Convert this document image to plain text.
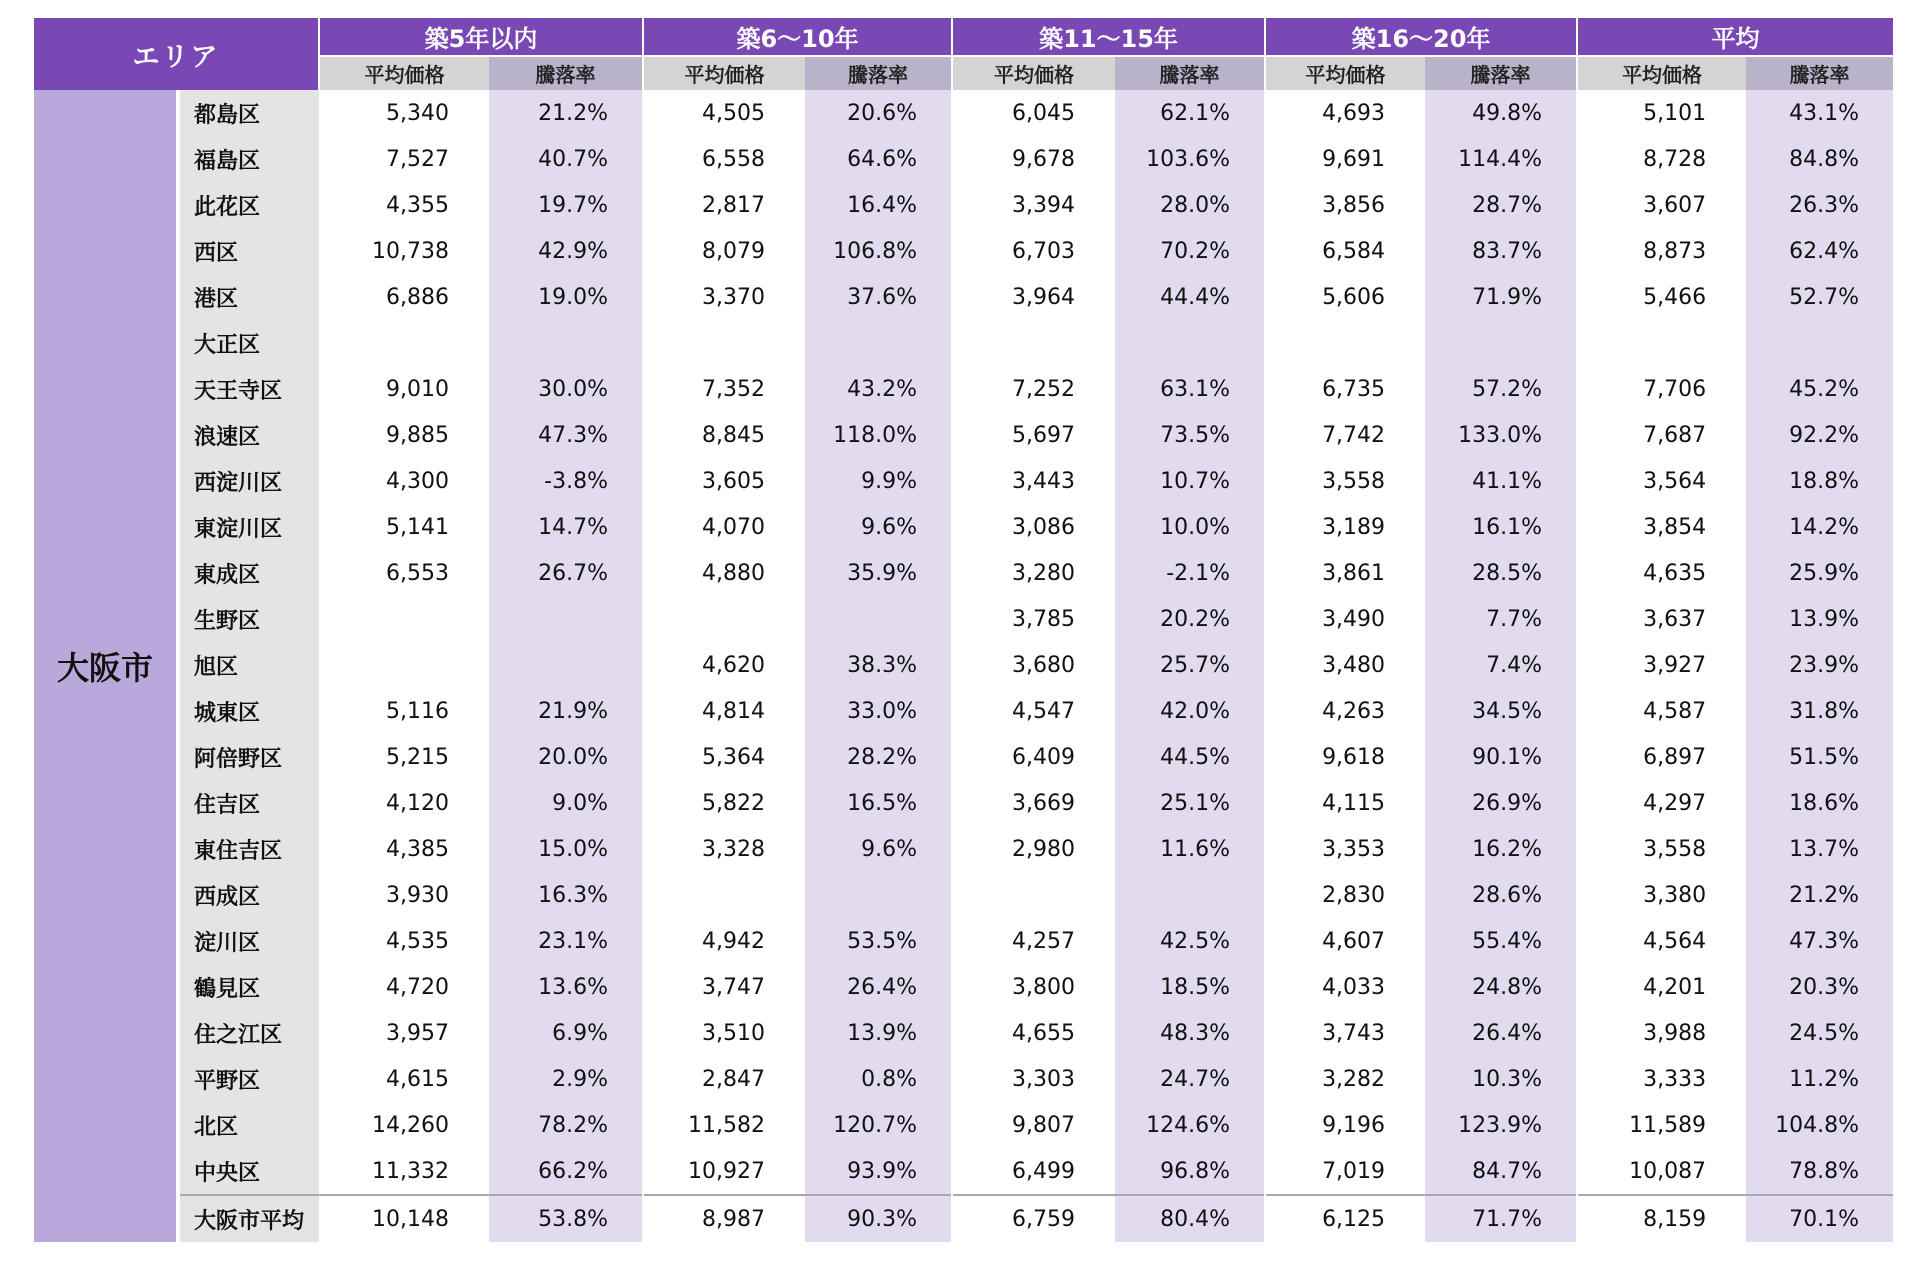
エリア		築5年以内		築6～10年		築11～15年		築16～20年		平均	
		平均価格	騰落率	平均価格	騰落率	平均価格	騰落率	平均価格	騰落率	平均価格	騰落率
大阪市	都島区	5,340	21.2%	4,505	20.6%	6,045	62.1%	4,693	49.8%	5,101	43.1%
	福島区	7,527	40.7%	6,558	64.6%	9,678	103.6%	9,691	114.4%	8,728	84.8%
	此花区	4,355	19.7%	2,817	16.4%	3,394	28.0%	3,856	28.7%	3,607	26.3%
	西区	10,738	42.9%	8,079	106.8%	6,703	70.2%	6,584	83.7%	8,873	62.4%
	港区	6,886	19.0%	3,370	37.6%	3,964	44.4%	5,606	71.9%	5,466	52.7%
	大正区										
	天王寺区	9,010	30.0%	7,352	43.2%	7,252	63.1%	6,735	57.2%	7,706	45.2%
	浪速区	9,885	47.3%	8,845	118.0%	5,697	73.5%	7,742	133.0%	7,687	92.2%
	西淀川区	4,300	-3.8%	3,605	9.9%	3,443	10.7%	3,558	41.1%	3,564	18.8%
	東淀川区	5,141	14.7%	4,070	9.6%	3,086	10.0%	3,189	16.1%	3,854	14.2%
	東成区	6,553	26.7%	4,880	35.9%	3,280	-2.1%	3,861	28.5%	4,635	25.9%
	生野区					3,785	20.2%	3,490	7.7%	3,637	13.9%
	旭区			4,620	38.3%	3,680	25.7%	3,480	7.4%	3,927	23.9%
	城東区	5,116	21.9%	4,814	33.0%	4,547	42.0%	4,263	34.5%	4,587	31.8%
	阿倍野区	5,215	20.0%	5,364	28.2%	6,409	44.5%	9,618	90.1%	6,897	51.5%
	住吉区	4,120	9.0%	5,822	16.5%	3,669	25.1%	4,115	26.9%	4,297	18.6%
	東住吉区	4,385	15.0%	3,328	9.6%	2,980	11.6%	3,353	16.2%	3,558	13.7%
	西成区	3,930	16.3%					2,830	28.6%	3,380	21.2%
	淀川区	4,535	23.1%	4,942	53.5%	4,257	42.5%	4,607	55.4%	4,564	47.3%
	鶴見区	4,720	13.6%	3,747	26.4%	3,800	18.5%	4,033	24.8%	4,201	20.3%
	住之江区	3,957	6.9%	3,510	13.9%	4,655	48.3%	3,743	26.4%	3,988	24.5%
	平野区	4,615	2.9%	2,847	0.8%	3,303	24.7%	3,282	10.3%	3,333	11.2%
	北区	14,260	78.2%	11,582	120.7%	9,807	124.6%	9,196	123.9%	11,589	104.8%
	中央区	11,332	66.2%	10,927	93.9%	6,499	96.8%	7,019	84.7%	10,087	78.8%
	大阪市平均	10,148	53.8%	8,987	90.3%	6,759	80.4%	6,125	71.7%	8,159	70.1%
